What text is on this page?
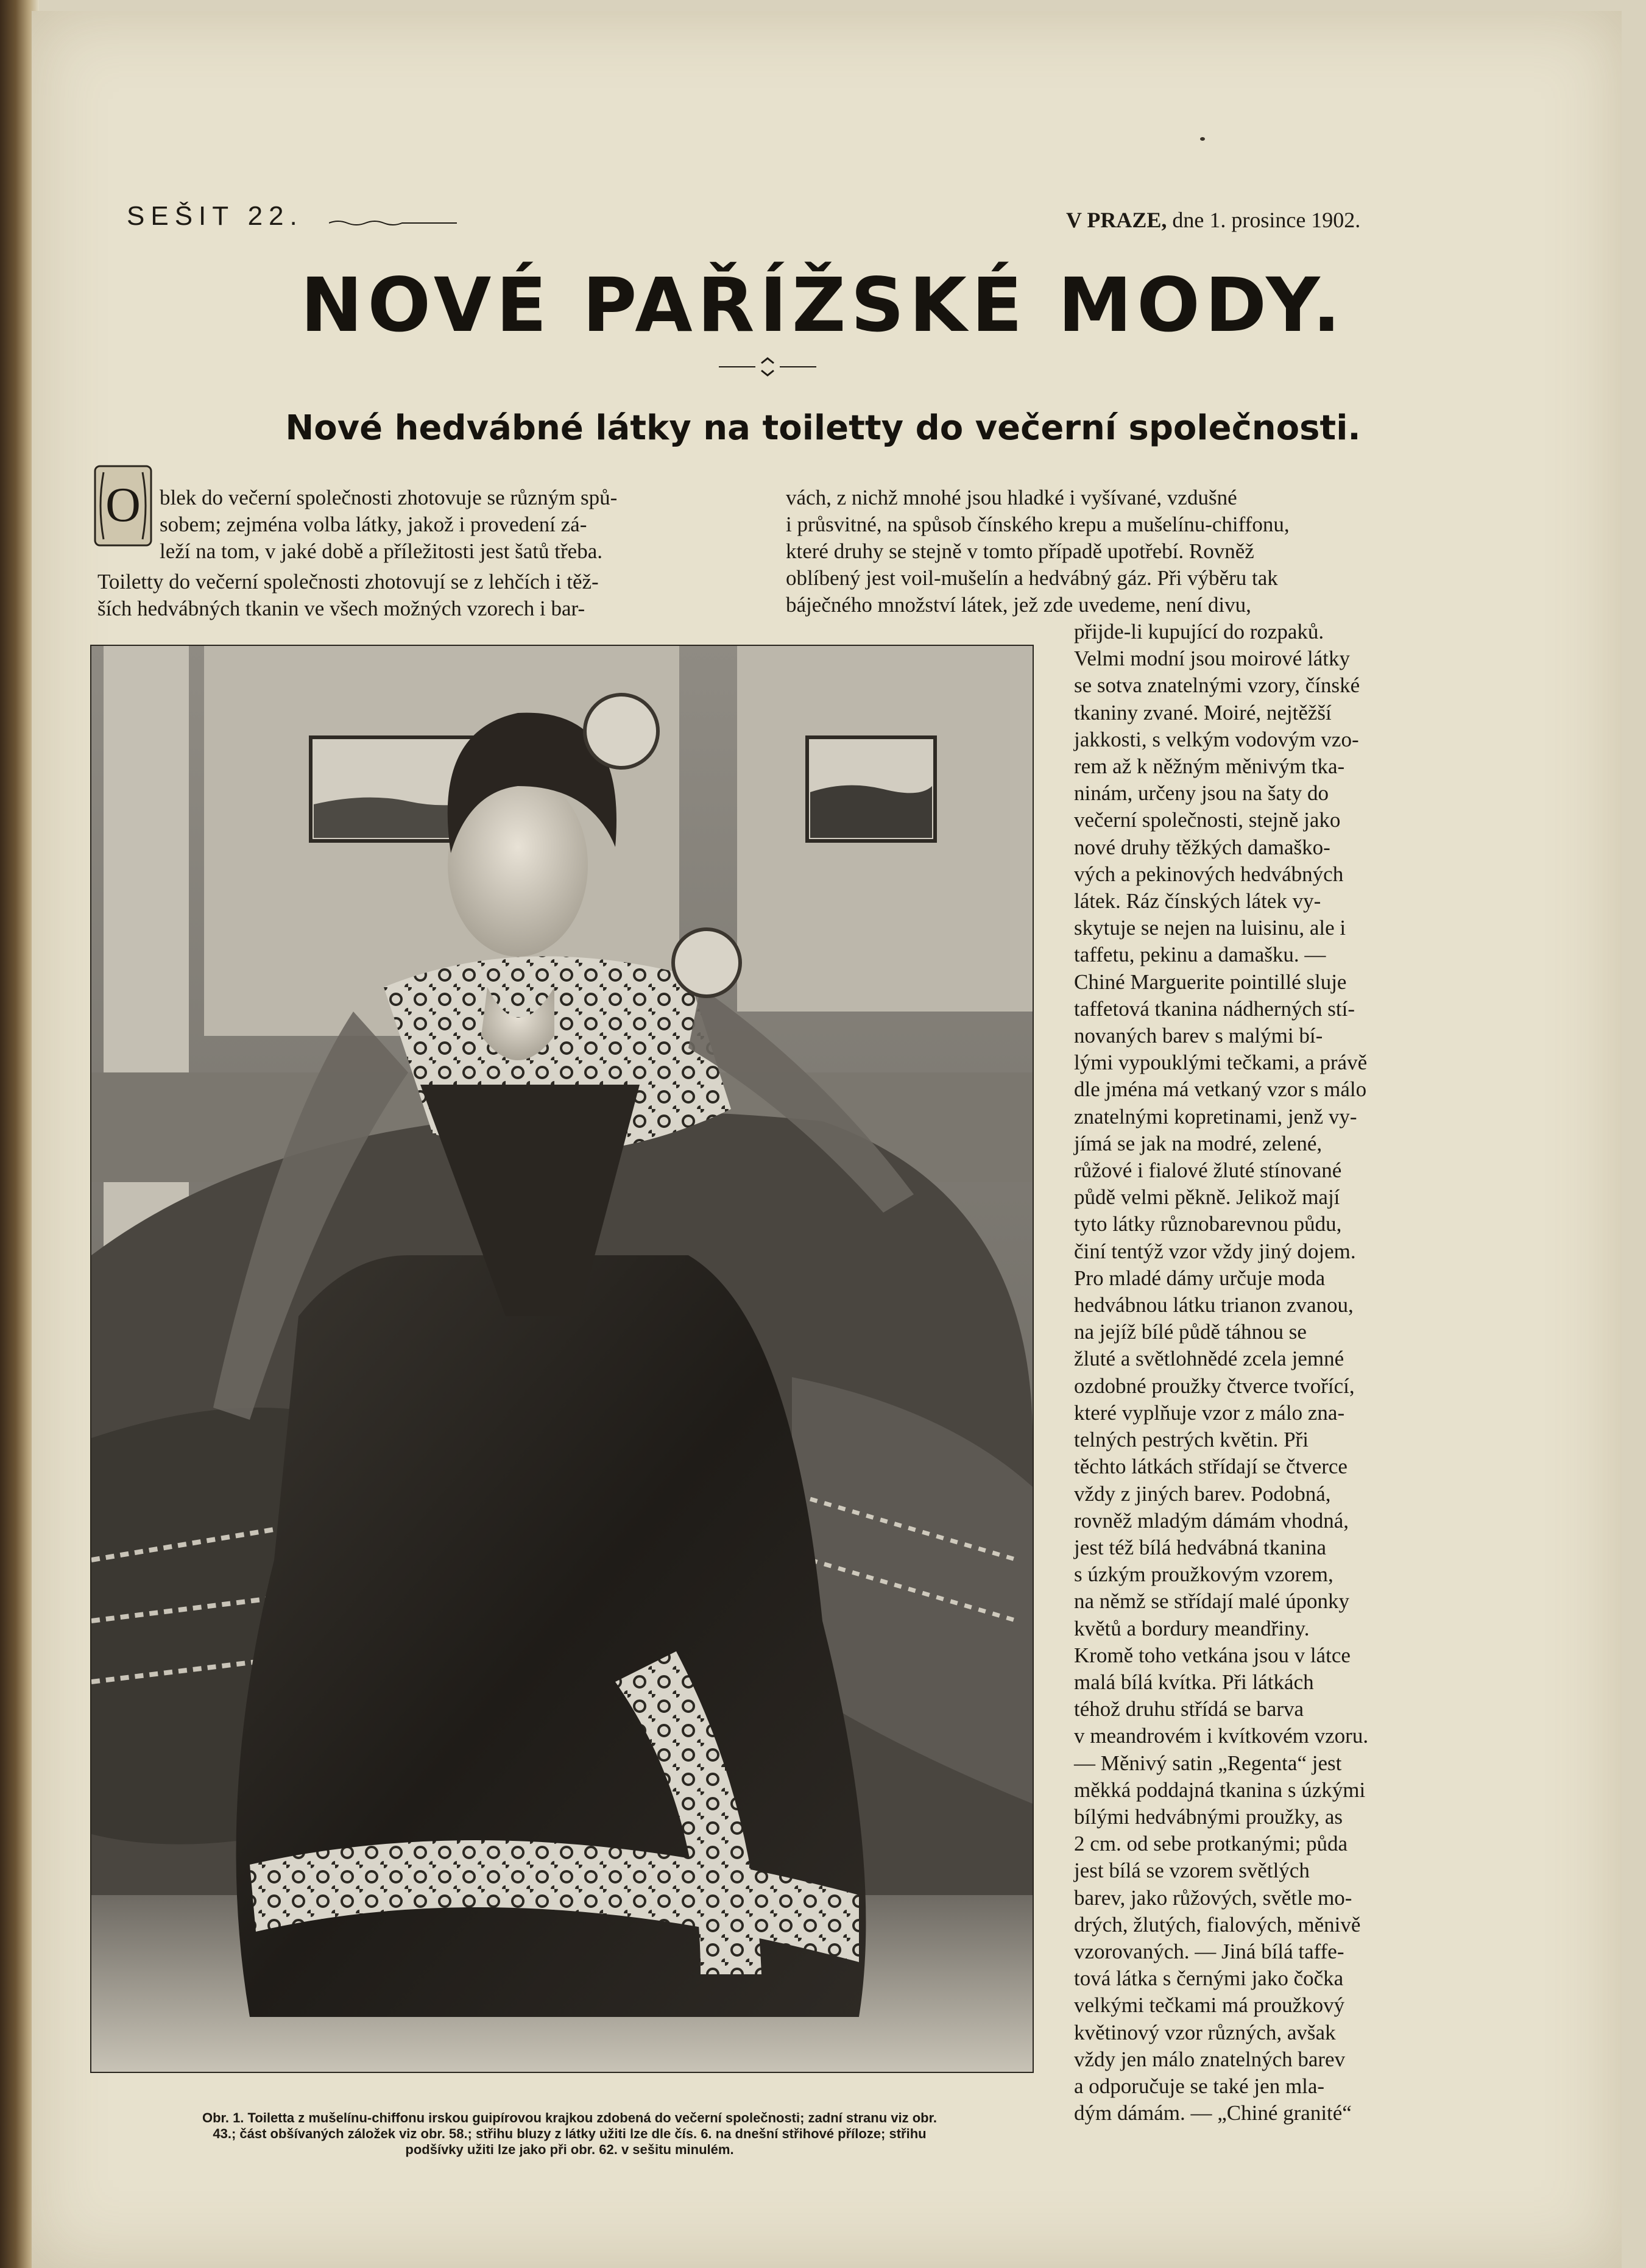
SEŠIT 22.	V PRAZE, dne 1. prosince 1902.
NOVÉ PAŘÍŽSKÉ MODY.
Nové hedvábné látky na toiletty do večerní společnosti.
O blek do večerní společnosti zhotovuje se různým spů-

sobem; zejména volba látky, jakož i provedení zá-

leží na tom, v jaké době a příležitosti jest šatů třeba.

Toiletty do večerní společnosti zhotovují se z lehčích i těž-

ších hedvábných tkanin ve všech možných vzorech i bar-

vách, z nichž mnohé jsou hladké i vyšívané, vzdušné

i průsvitné, na spůsob čínského krepu a mušelínu-chiffonu,

které druhy se stejně v tomto případě upotřebí. Rovněž

oblíbený jest voil-mušelín a hedvábný gáz. Při výběru tak

báječného množství látek, jež zde uvedeme, není divu,

přijde-li kupující do rozpaků.

Velmi modní jsou moirové látky

se sotva znatelnými vzory, čínské

tkaniny zvané. Moiré, nejtěžší

jakkosti, s velkým vodovým vzo-

rem až k něžným měnivým tka-

ninám, určeny jsou na šaty do

večerní společnosti, stejně jako

nové druhy těžkých damaško-

vých a pekinových hedvábných

látek. Ráz čínských látek vy-

skytuje se nejen na luisinu, ale i

taffetu, pekinu a damašku. —

Chiné Marguerite pointillé sluje

taffetová tkanina nádherných stí-

novaných barev s malými bí-

lými vypouklými tečkami, a právě

dle jména má vetkaný vzor s málo

znatelnými kopretinami, jenž vy-

jímá se jak na modré, zelené,

růžové i fialové žluté stínované

půdě velmi pěkně. Jelikož mají

tyto látky různobarevnou půdu,

činí tentýž vzor vždy jiný dojem.

Pro mladé dámy určuje moda

hedvábnou látku trianon zvanou,

na jejíž bílé půdě táhnou se

žluté a světlohnědé zcela jemné

ozdobné proužky čtverce tvořící,

které vyplňuje vzor z málo zna-

telných pestrých květin. Při

těchto látkách střídají se čtverce

vždy z jiných barev. Podobná,

rovněž mladým dámám vhodná,

jest též bílá hedvábná tkanina

s úzkým proužkovým vzorem,

na němž se střídají malé úponky

květů a bordury meandřiny.

Kromě toho vetkána jsou v látce

malá bílá kvítka. Při látkách

téhož druhu střídá se barva

v meandrovém i kvítkovém vzoru.

— Měnivý satin „Regenta“ jest

měkká poddajná tkanina s úzkými

bílými hedvábnými proužky, as

2 cm. od sebe protkanými; půda

jest bílá se vzorem světlých

barev, jako růžových, světle mo-

drých, žlutých, fialových, měnivě

vzorovaných. — Jiná bílá taffe-

tová látka s černými jako čočka

velkými tečkami má proužkový

květinový vzor různých, avšak

vždy jen málo znatelných barev

a odporučuje se také jen mla-

dým dámám. — „Chiné granité“

Obr. 1. Toiletta z mušelínu-chiffonu irskou guipírovou krajkou zdobená do večerní společnosti; zadní stranu viz obr.
43.; část obšívaných záložek viz obr. 58.; střihu bluzy z látky užiti lze dle čís. 6. na dnešní střihové příloze; střihu
podšívky užiti lze jako při obr. 62. v sešitu minulém.
